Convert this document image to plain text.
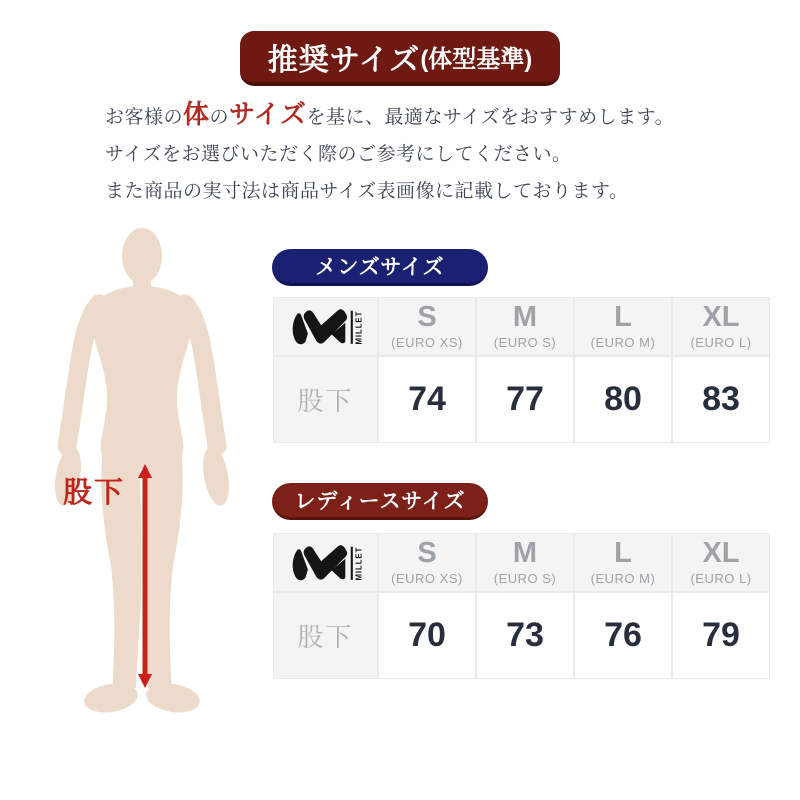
推奨サイズ (体型基準)

お客様の体のサイズを基に、最適なサイズをおすすめします。

サイズをお選びいただく際のご参考にしてください。

また商品の実寸法は商品サイズ表画像に記載しております。

股下
メンズサイズ
MILLET S
(EURO XS)
M
(EURO S)
L
(EURO M)
XL
(EURO L)
股下 74 77 80 83
レディースサイズ
MILLET S
(EURO XS)
M
(EURO S)
L
(EURO M)
XL
(EURO L)
股下 70 73 76 79
